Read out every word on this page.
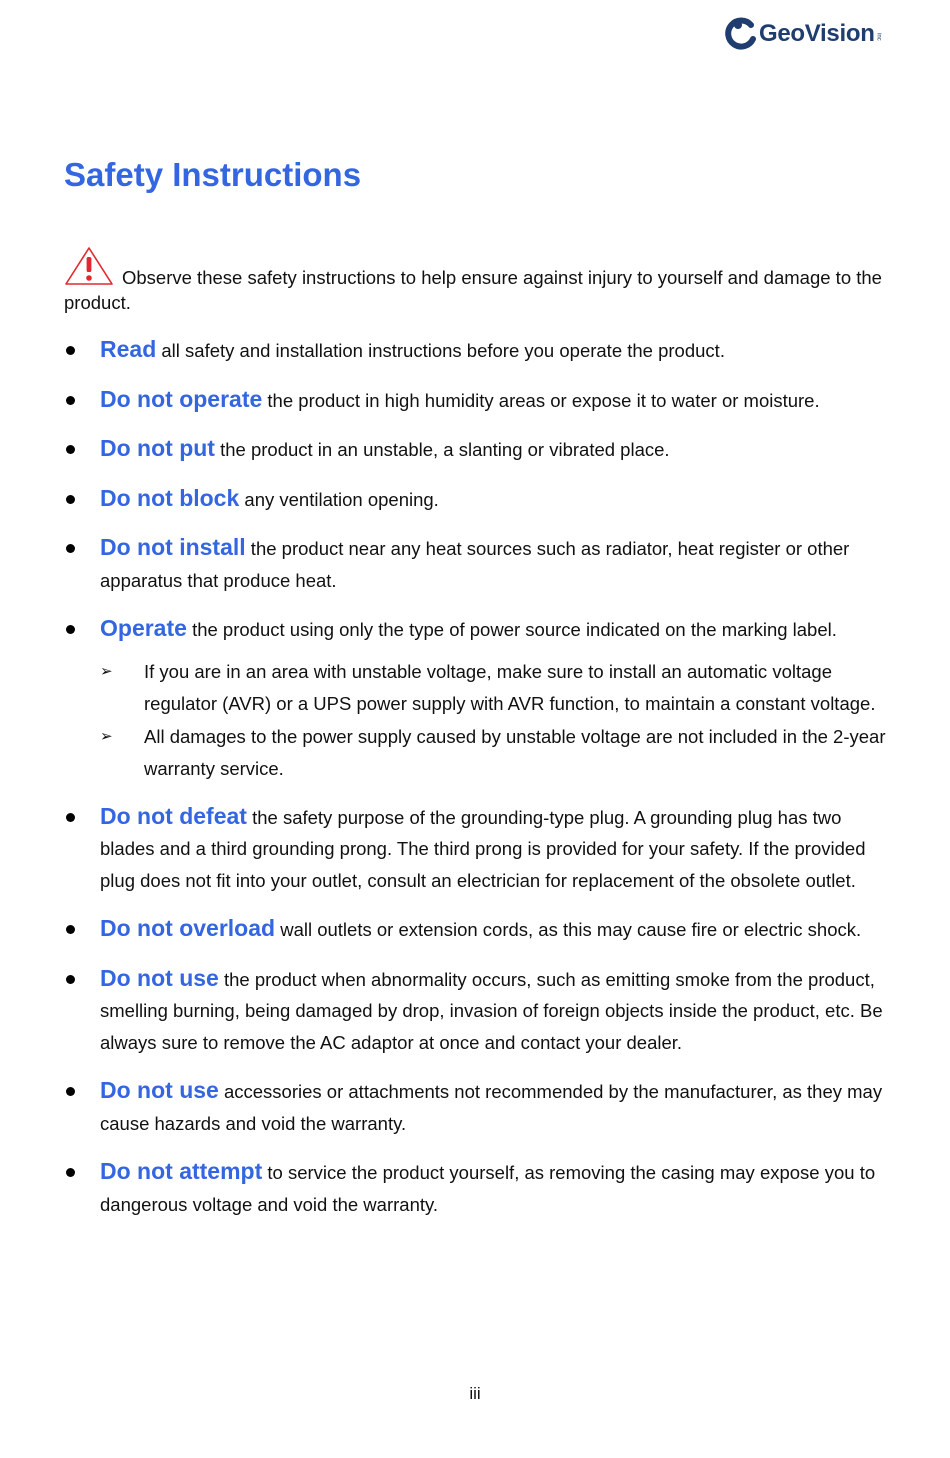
GeoVision inc
Safety Instructions
Observe these safety instructions to help ensure against injury to yourself and damage to the product.
Read all safety and installation instructions before you operate the product.
Do not operate the product in high humidity areas or expose it to water or moisture.
Do not put the product in an unstable, a slanting or vibrated place.
Do not block any ventilation opening.
Do not install the product near any heat sources such as radiator, heat register or other apparatus that produce heat.
Operate the product using only the type of power source indicated on the marking label.
➢ If you are in an area with unstable voltage, make sure to install an automatic voltage regulator (AVR) or a UPS power supply with AVR function, to maintain a constant voltage.
➢ All damages to the power supply caused by unstable voltage are not included in the 2-year warranty service.
Do not defeat the safety purpose of the grounding-type plug. A grounding plug has two blades and a third grounding prong. The third prong is provided for your safety. If the provided plug does not fit into your outlet, consult an electrician for replacement of the obsolete outlet.
Do not overload wall outlets or extension cords, as this may cause fire or electric shock.
Do not use the product when abnormality occurs, such as emitting smoke from the product, smelling burning, being damaged by drop, invasion of foreign objects inside the product, etc. Be always sure to remove the AC adaptor at once and contact your dealer.
Do not use accessories or attachments not recommended by the manufacturer, as they may cause hazards and void the warranty.
Do not attempt to service the product yourself, as removing the casing may expose you to dangerous voltage and void the warranty.
iii
